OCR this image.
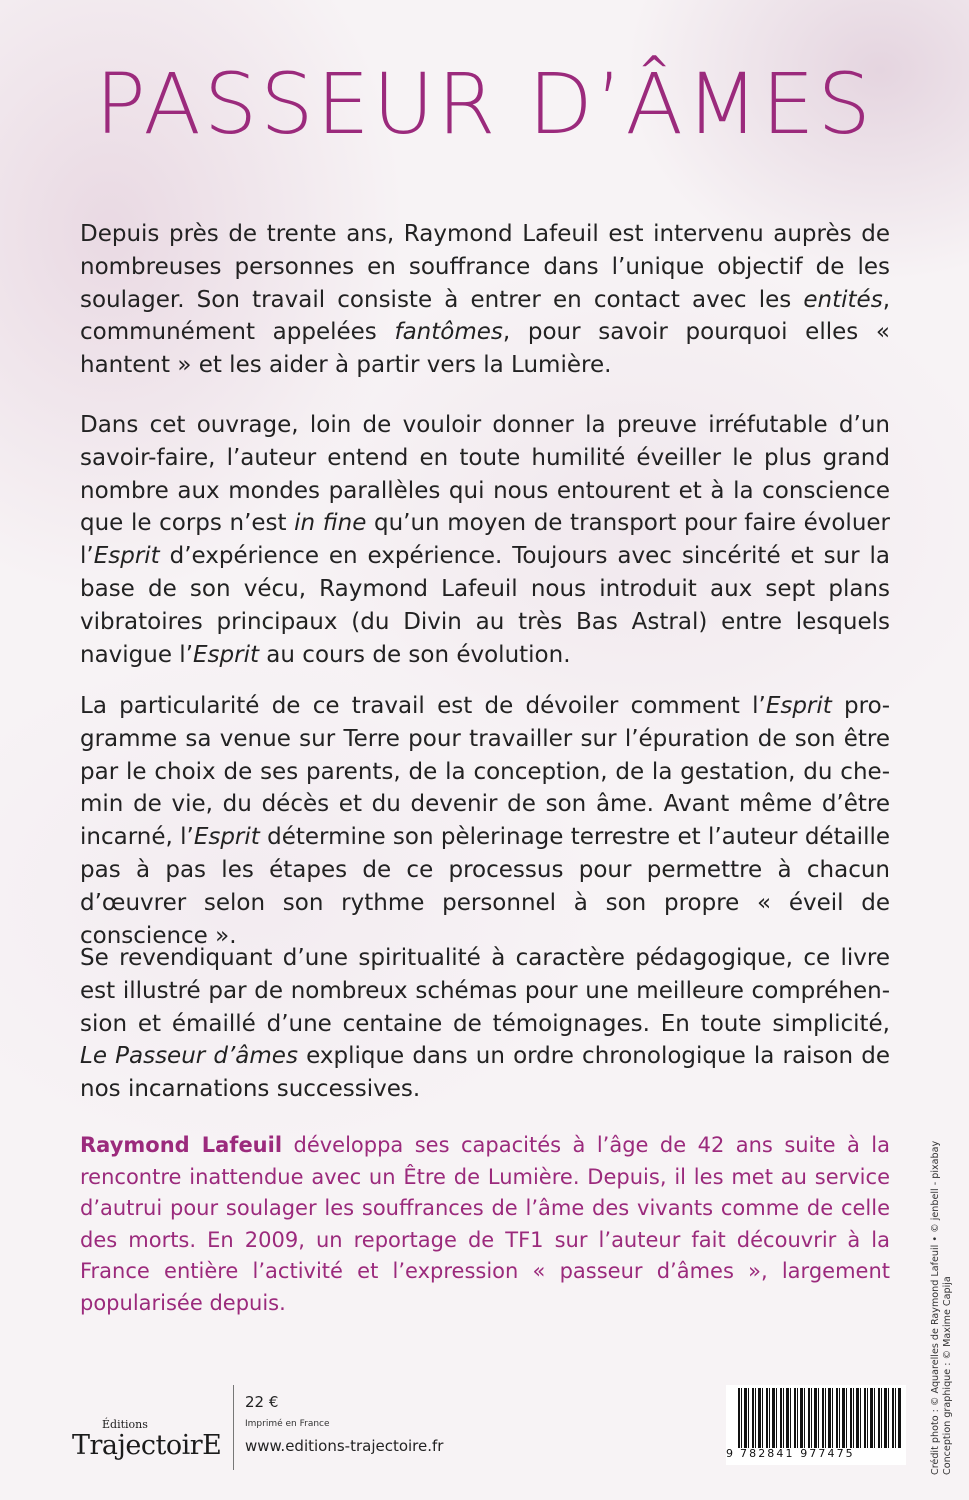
PASSEUR D’ÂMES

Depuis près de trente ans, Raymond Lafeuil est intervenu auprès de nombreuses personnes en souffrance dans l’unique objectif de les soulager. Son travail consiste à entrer en contact avec les entités, communément appelées fantômes, pour savoir pourquoi elles « hantent » et les aider à partir vers la Lumière.

Dans cet ouvrage, loin de vouloir donner la preuve irréfutable d’un savoir-faire, l’auteur entend en toute humilité éveiller le plus grand nombre aux mondes parallèles qui nous entourent et à la conscience que le corps n’est in fine qu’un moyen de transport pour faire évoluer l’Esprit d’expérience en expérience. Toujours avec sincérité et sur la base de son vécu, Raymond Lafeuil nous introduit aux sept plans vibratoires principaux (du Divin au très Bas Astral) entre lesquels navigue l’Esprit au cours de son évolution.

La particularité de ce travail est de dévoiler comment l’Esprit programme sa venue sur Terre pour travailler sur l’épuration de son être par le choix de ses parents, de la conception, de la gestation, du chemin de vie, du décès et du devenir de son âme. Avant même d’être incarné, l’Esprit détermine son pèlerinage terrestre et l’auteur détaille pas à pas les étapes de ce processus pour permettre à chacun d’œuvrer selon son rythme personnel à son propre « éveil de conscience ».

Se revendiquant d’une spiritualité à caractère pédagogique, ce livre est illustré par de nombreux schémas pour une meilleure compréhension et émaillé d’une centaine de témoignages. En toute simplicité, Le Passeur d’âmes explique dans un ordre chronologique la raison de nos incarnations successives.

Raymond Lafeuil développa ses capacités à l’âge de 42 ans suite à la rencontre inattendue avec un Être de Lumière. Depuis, il les met au service d’autrui pour soulager les souffrances de l’âme des vivants comme de celle des morts. En 2009, un reportage de TF1 sur l’auteur fait découvrir à la France entière l’activité et l’expression « passeur d’âmes », largement popularisée depuis.	Crédit photo : © Aquarelles de Raymond Lafeuil • © jenbell - pixabay Conception graphique : © Maxime Capija
Éditions
TrajectoirE
22 €
Imprimé en France
www.editions-trajectoire.fr	9 782841 977475
